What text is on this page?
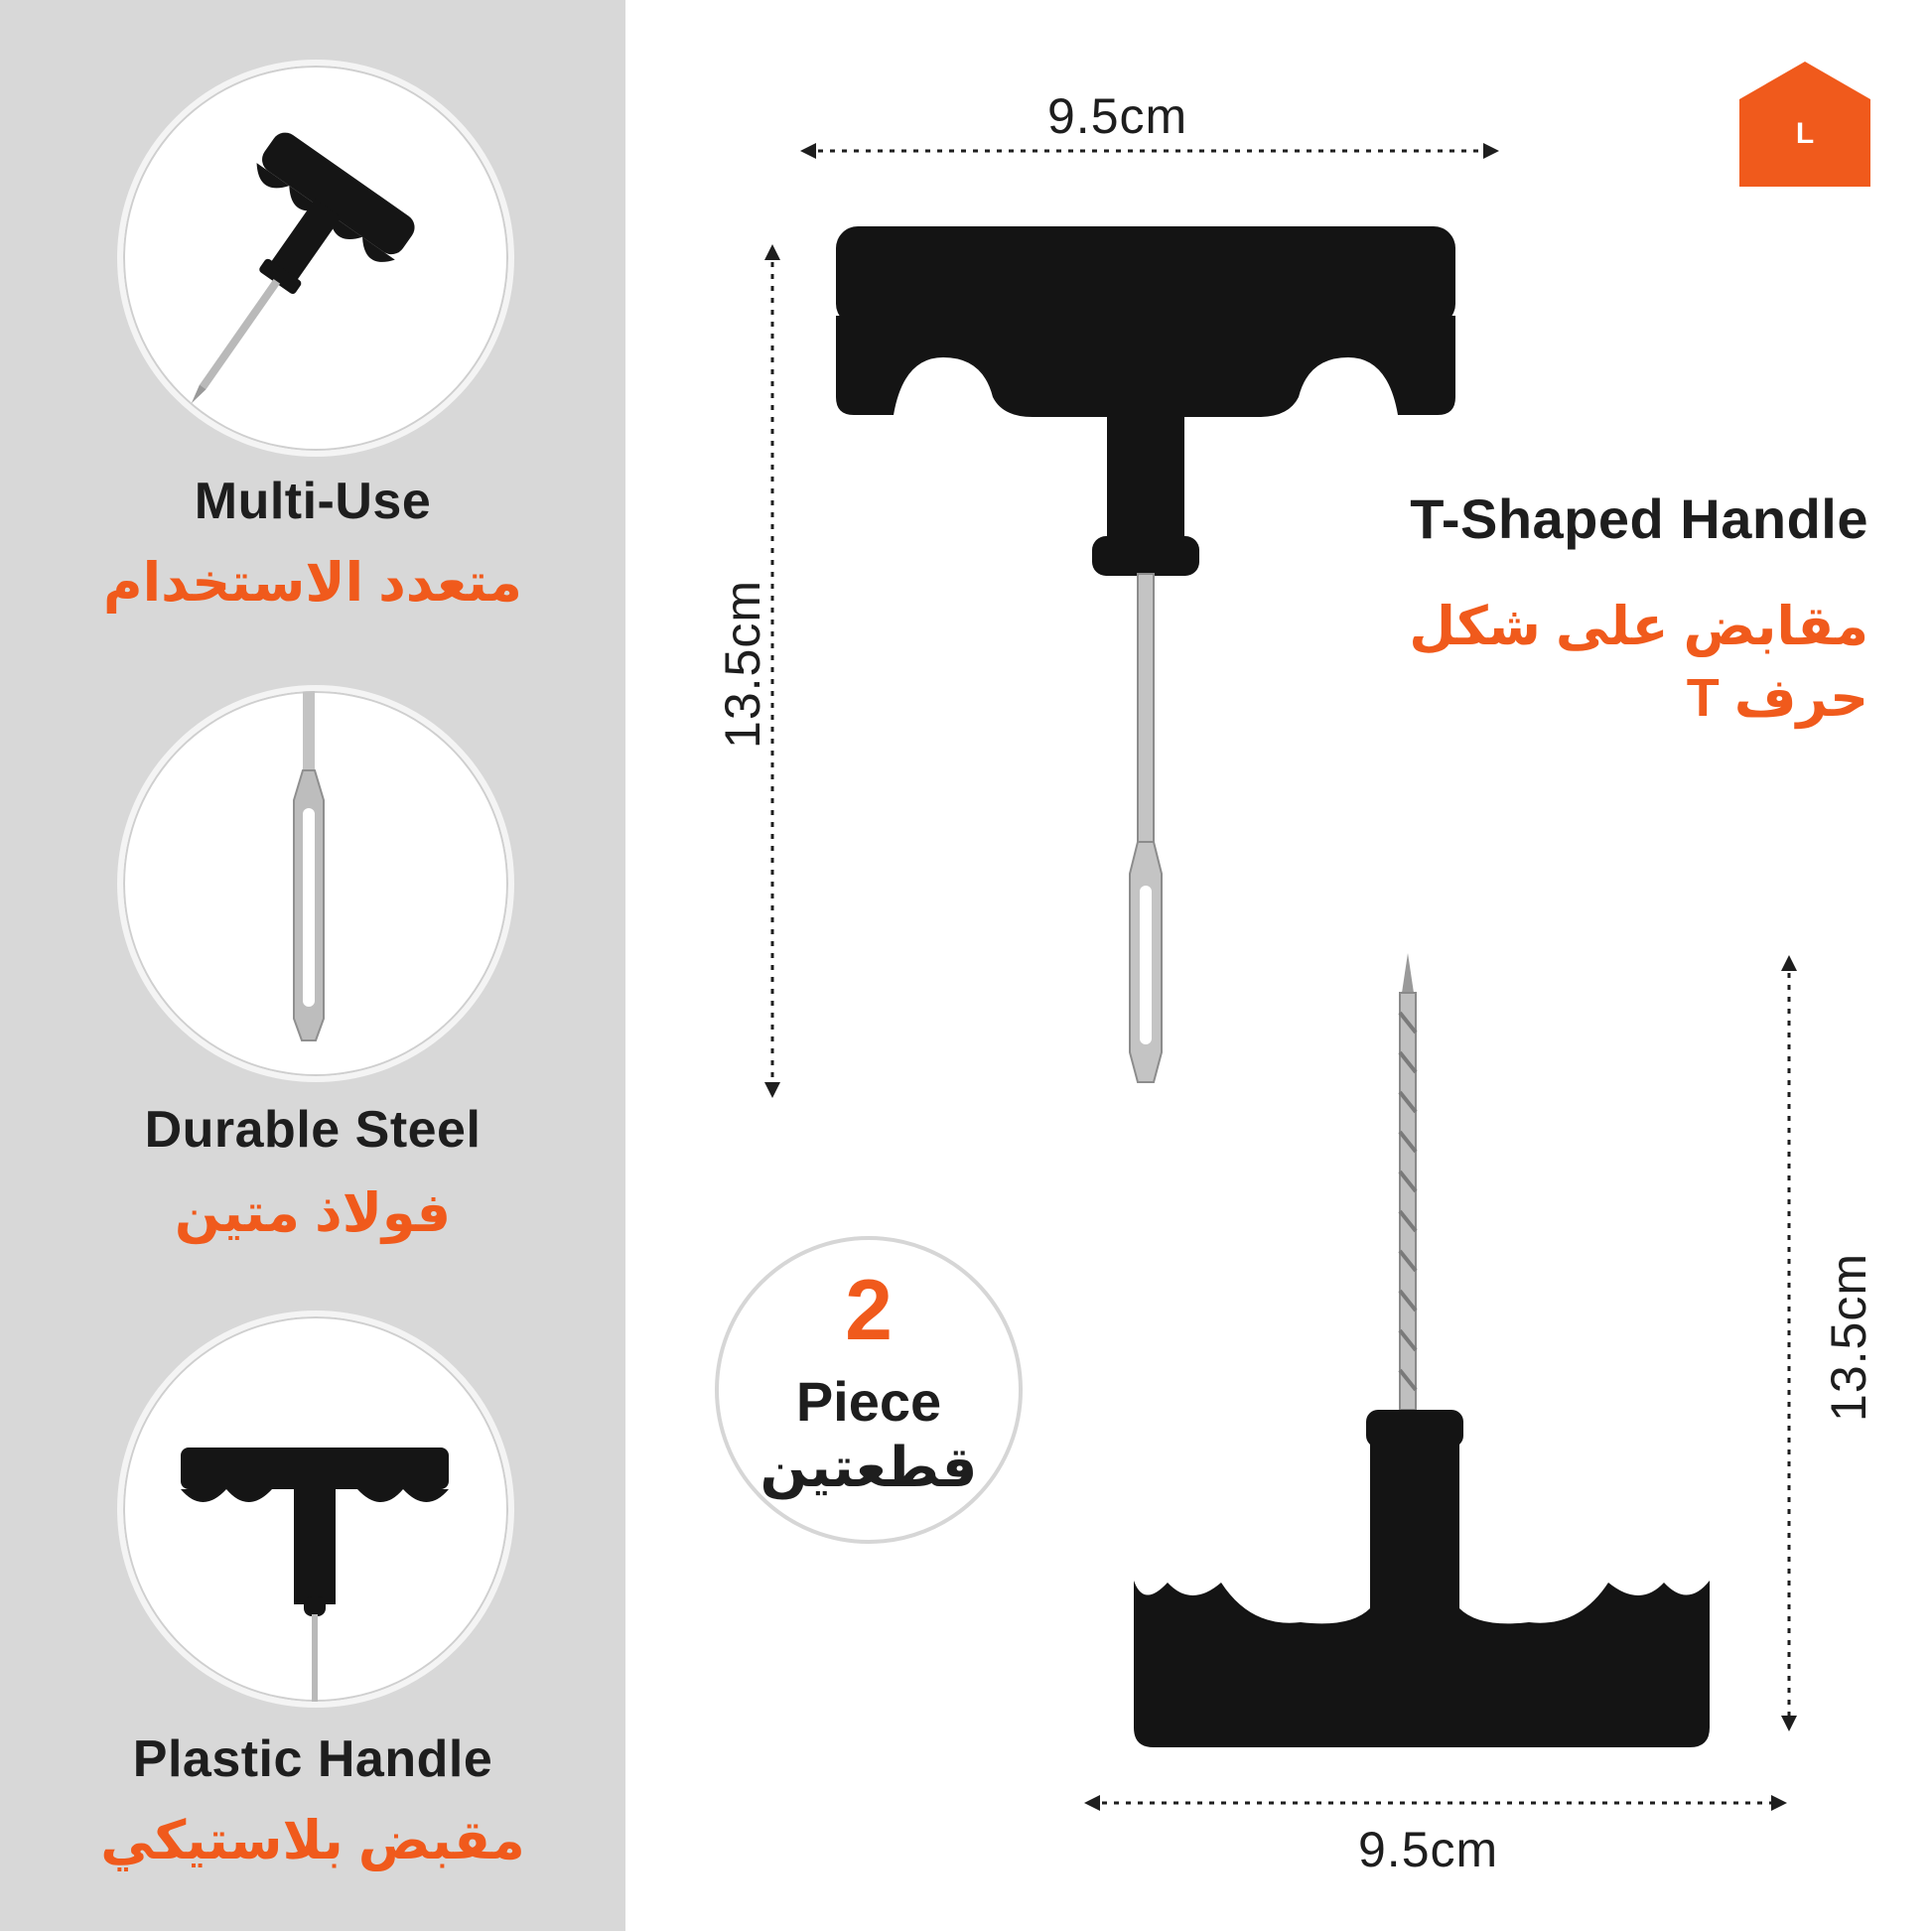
Multi-Use
متعدد الاستخدام
Durable Steel
فولاذ متين
Plastic Handle
مقبض بلاستيكي
L
9.5cm
13.5cm
13.5cm
9.5cm
T-Shaped Handle
مقابض على شكل حرف T
2
Piece
قطعتين
